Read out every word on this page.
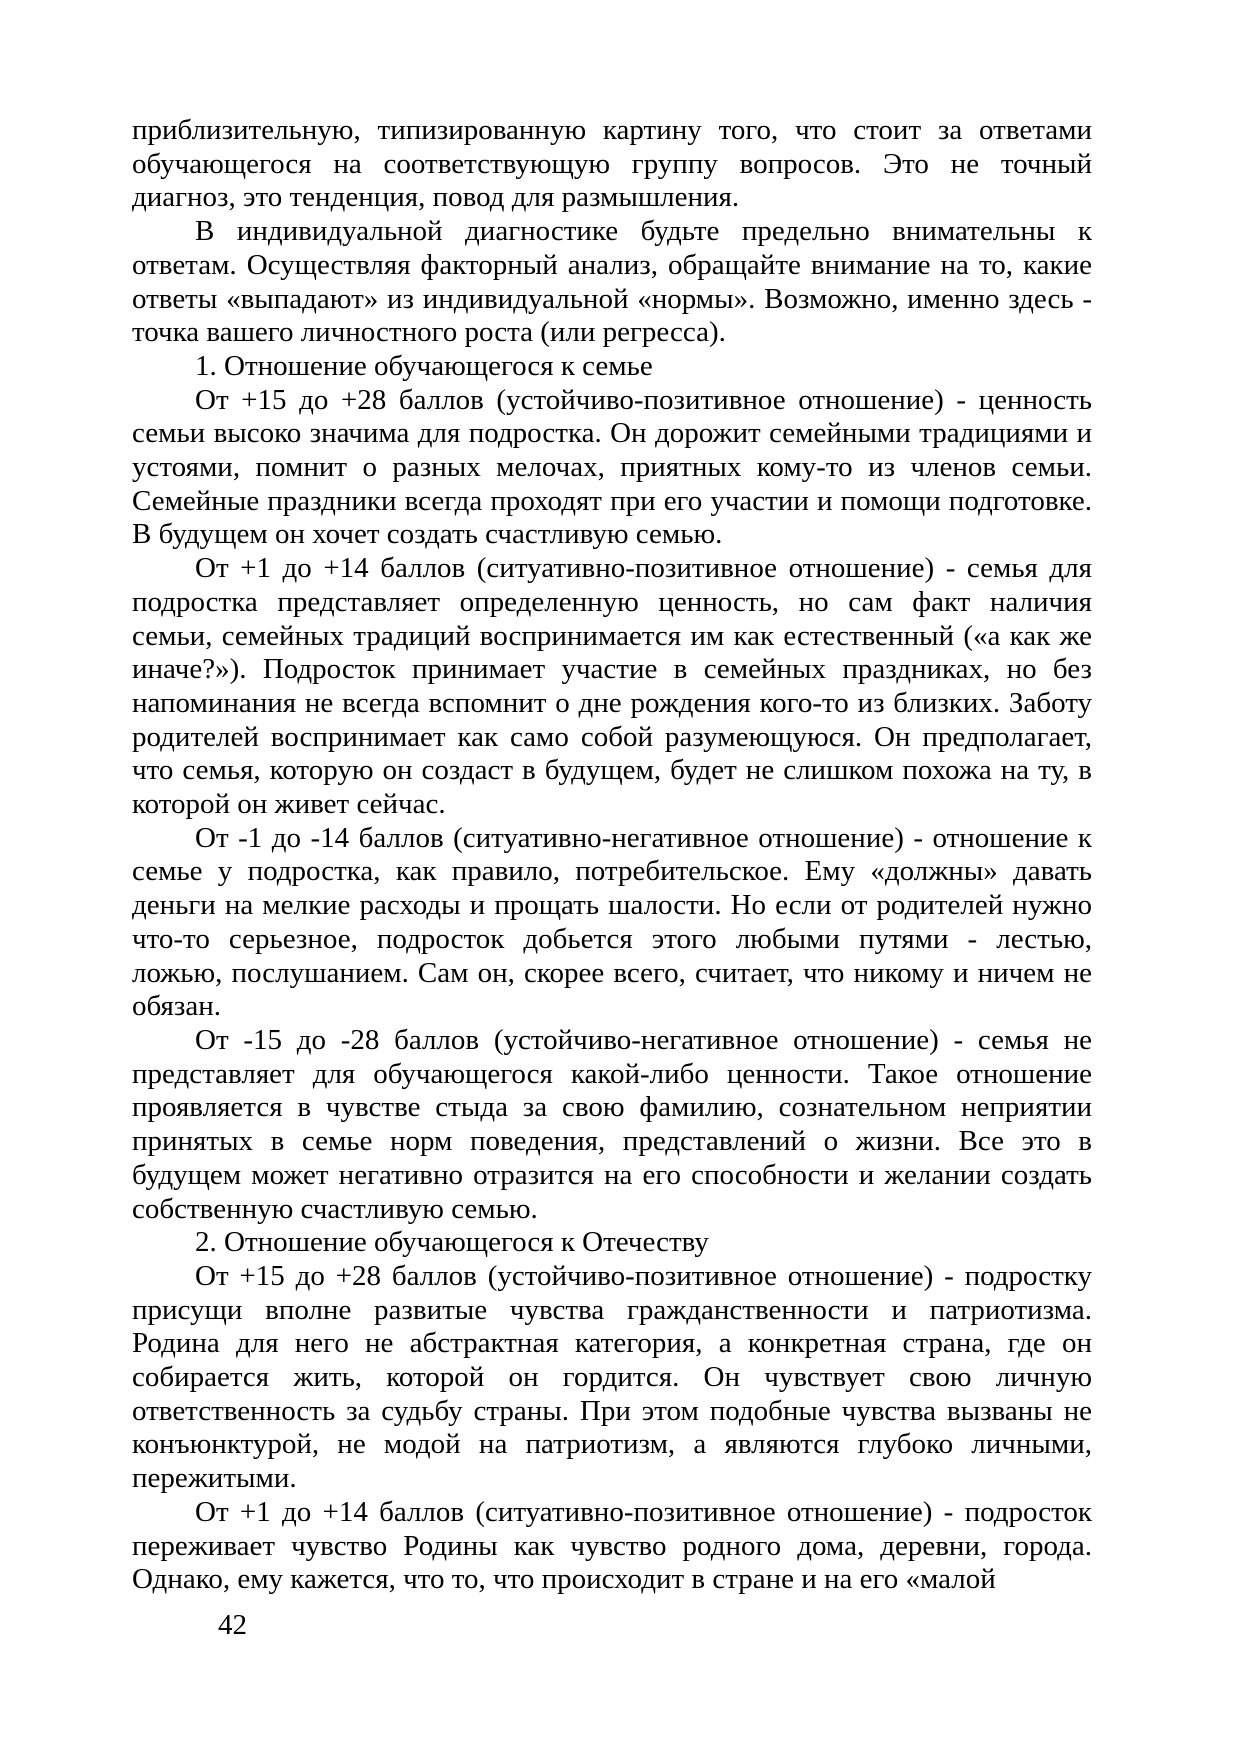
приблизительную, типизированную картину того, что стоит за ответами обучающегося на соответствующую группу вопросов. Это не точный диагноз, это тенденция, повод для размышления.

В индивидуальной диагностике будьте предельно внимательны к ответам. Осуществляя факторный анализ, обращайте внимание на то, какие ответы «выпадают» из индивидуальной «нормы». Возможно, именно здесь - точка вашего личностного роста (или регресса).

1. Отношение обучающегося к семье

От +15 до +28 баллов (устойчиво-позитивное отношение) - ценность семьи высоко значима для подростка. Он дорожит семейными традициями и устоями, помнит о разных мелочах, приятных кому-то из членов семьи. Семейные праздники всегда проходят при его участии и помощи подготовке. В будущем он хочет создать счастливую семью.

От +1 до +14 баллов (ситуативно-позитивное отношение) - семья для подростка представляет определенную ценность, но сам факт наличия семьи, семейных традиций воспринимается им как естественный («а как же иначе?»). Подросток принимает участие в семейных праздниках, но без напоминания не всегда вспомнит о дне рождения кого-то из близких. Заботу родителей воспринимает как само собой разумеющуюся. Он предполагает, что семья, которую он создаст в будущем, будет не слишком похожа на ту, в которой он живет сейчас.

От -1 до -14 баллов (ситуативно-негативное отношение) - отношение к семье у подростка, как правило, потребительское. Ему «должны» давать деньги на мелкие расходы и прощать шалости. Но если от родителей нужно что-то серьезное, подросток добьется этого любыми путями - лестью, ложью, послушанием. Сам он, скорее всего, считает, что никому и ничем не обязан.

От -15 до -28 баллов (устойчиво-негативное отношение) - семья не представляет для обучающегося какой-либо ценности. Такое отношение проявляется в чувстве стыда за свою фамилию, сознательном неприятии принятых в семье норм поведения, представлений о жизни. Все это в будущем может негативно отразится на его способности и желании создать собственную счастливую семью.

2. Отношение обучающегося к Отечеству

От +15 до +28 баллов (устойчиво-позитивное отношение) - подростку присущи вполне развитые чувства гражданственности и патриотизма. Родина для него не абстрактная категория, а конкретная страна, где он собирается жить, которой он гордится. Он чувствует свою личную ответственность за судьбу страны. При этом подобные чувства вызваны не конъюнктурой, не модой на патриотизм, а являются глубоко личными, пережитыми.

От +1 до +14 баллов (ситуативно-позитивное отношение) - подросток переживает чувство Родины как чувство родного дома, деревни, города. Однако, ему кажется, что то, что происходит в стране и на его «малой

42
